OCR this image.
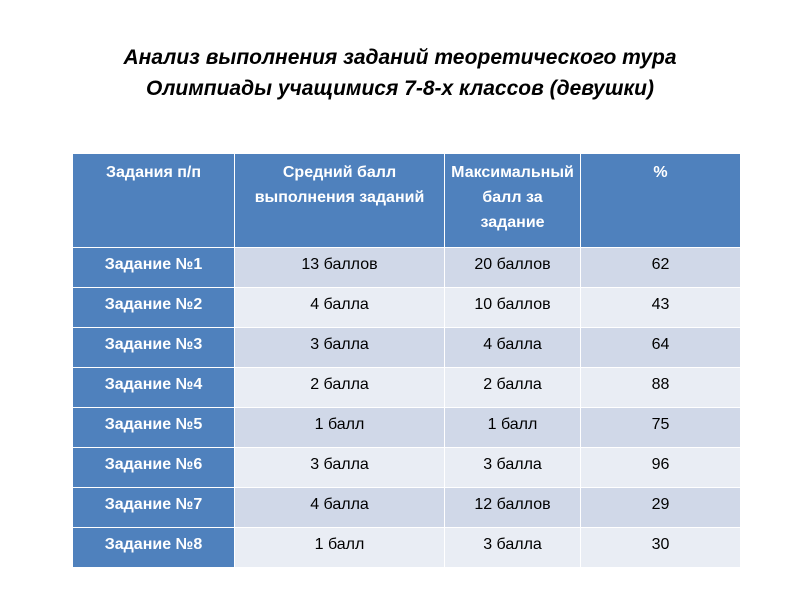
Анализ выполнения заданий теоретического тура
Олимпиады учащимися 7-8-х классов (девушки)
Задания п/п	Средний балл выполнения заданий	Максимальный балл за задание	%
Задание №1	13 баллов	20 баллов	62
Задание №2	4 балла	10 баллов	43
Задание №3	3 балла	4 балла	64
Задание №4	2 балла	2 балла	88
Задание №5	1 балл	1 балл	75
Задание №6	3 балла	3 балла	96
Задание №7	4 балла	12 баллов	29
Задание №8	1 балл	3 балла	30
